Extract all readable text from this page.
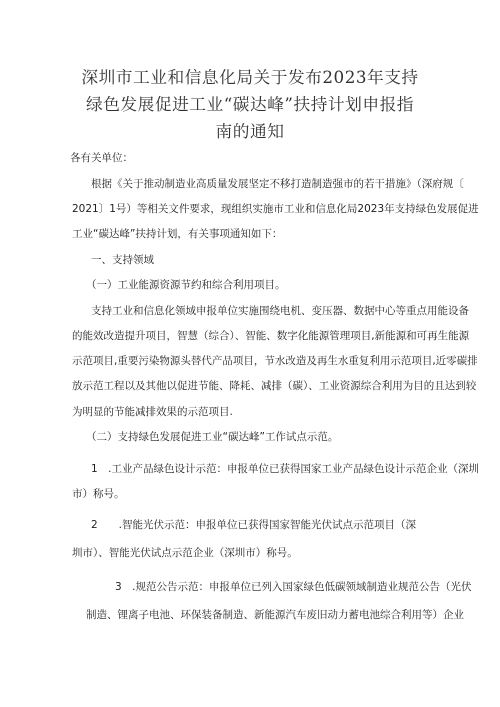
深圳市工业和信息化局关于发布2023年支持
绿色发展促进工业“碳达峰”扶持计划申报指
南的通知
各有关单位：
根据《关于推动制造业高质量发展坚定不移打造制造强市的若干措施》（深府规〔
2021〕1号）等相关文件要求，现组织实施市工业和信息化局2023年支持绿色发展促进
工业“碳达峰”扶持计划，有关事项通知如下：
一、支持领域
（一）工业能源资源节约和综合利用项目。
支持工业和信息化领域申报单位实施围绕电机、变压器、数据中心等重点用能设备
的能效改造提升项目，智慧（综合）、智能、数字化能源管理项目,新能源和可再生能源
示范项目,重要污染物源头替代产品项目，节水改造及再生水重复利用示范项目,近零碳排
放示范工程以及其他以促进节能、降耗、减排（碳）、工业资源综合利用为目的且达到较
为明显的节能减排效果的示范项目.
（二）支持绿色发展促进工业“碳达峰”工作试点示范。
1　.工业产品绿色设计示范：申报单位已获得国家工业产品绿色设计示范企业（深圳
市）称号。
2　　.智能光伏示范：申报单位已获得国家智能光伏试点示范项目（深
圳市）、智能光伏试点示范企业（深圳市）称号。
3　.规范公告示范：申报单位已列入国家绿色低碳领域制造业规范公告（光伏
制造、锂离子电池、环保装备制造、新能源汽车废旧动力蓄电池综合利用等）企业
